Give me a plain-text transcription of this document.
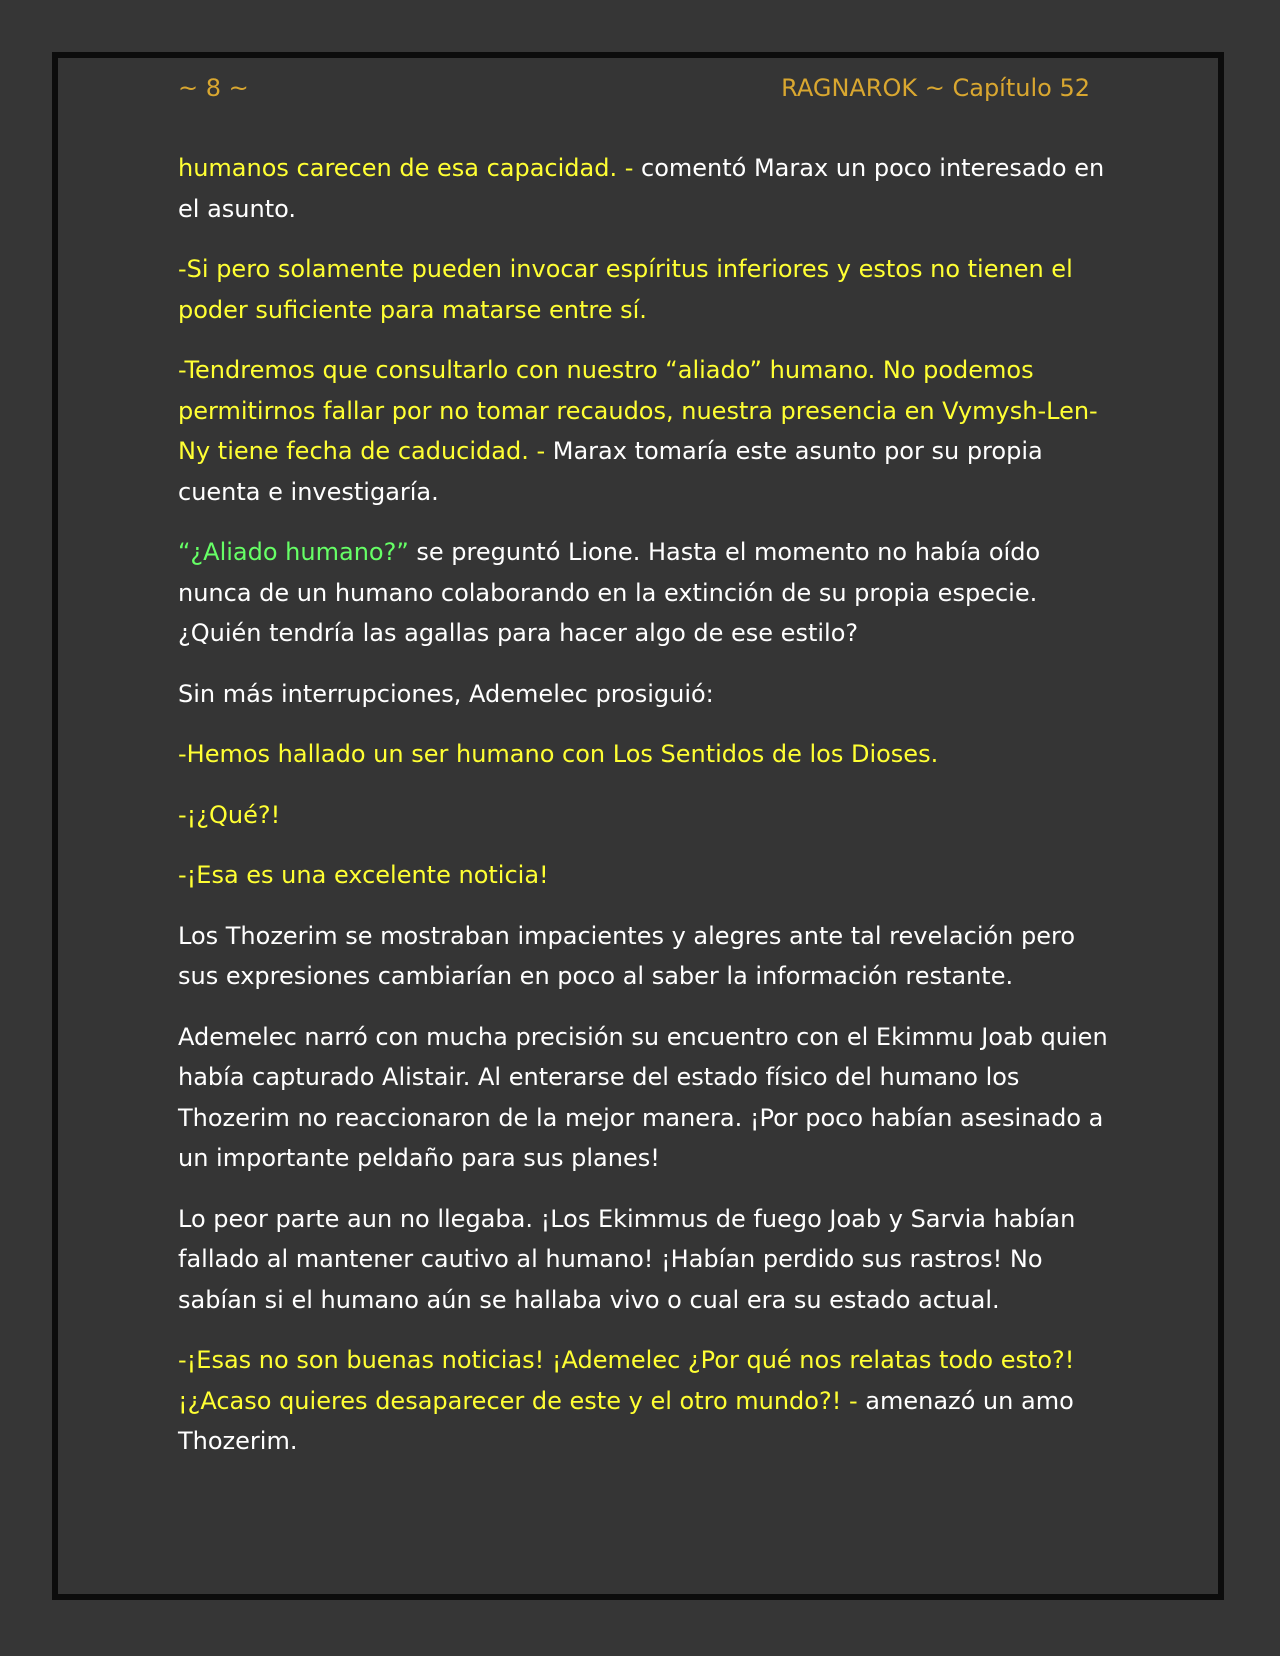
~ 8 ~	RAGNAROK ~ Capítulo 52

humanos carecen de esa capacidad. - comentó Marax un poco interesado en el asunto.

-Si pero solamente pueden invocar espíritus inferiores y estos no tienen el poder suficiente para matarse entre sí.

-Tendremos que consultarlo con nuestro “aliado” humano. No podemos permitirnos fallar por no tomar recaudos, nuestra presencia en Vymysh-Len-Ny tiene fecha de caducidad. - Marax tomaría este asunto por su propia cuenta e investigaría.

“¿Aliado humano?” se preguntó Lione. Hasta el momento no había oído nunca de un humano colaborando en la extinción de su propia especie. ¿Quién tendría las agallas para hacer algo de ese estilo?

Sin más interrupciones, Ademelec prosiguió:

-Hemos hallado un ser humano con Los Sentidos de los Dioses.

-¡¿Qué?!

-¡Esa es una excelente noticia!

Los Thozerim se mostraban impacientes y alegres ante tal revelación pero sus expresiones cambiarían en poco al saber la información restante.

Ademelec narró con mucha precisión su encuentro con el Ekimmu Joab quien había capturado Alistair. Al enterarse del estado físico del humano los Thozerim no reaccionaron de la mejor manera. ¡Por poco habían asesinado a un importante peldaño para sus planes!

Lo peor parte aun no llegaba. ¡Los Ekimmus de fuego Joab y Sarvia habían fallado al mantener cautivo al humano! ¡Habían perdido sus rastros! No sabían si el humano aún se hallaba vivo o cual era su estado actual.

-¡Esas no son buenas noticias! ¡Ademelec ¿Por qué nos relatas todo esto?! ¡¿Acaso quieres desaparecer de este y el otro mundo?! - amenazó un amo Thozerim.
